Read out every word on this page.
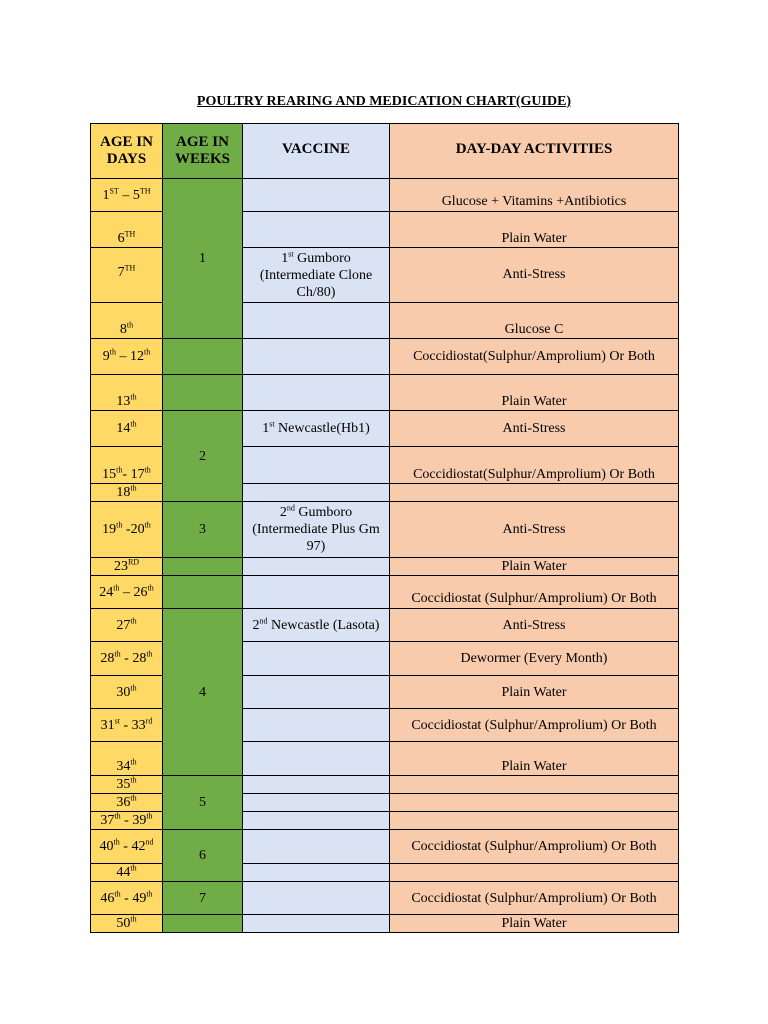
POULTRY REARING AND MEDICATION CHART(GUIDE)
AGE IN DAYS	AGE IN WEEKS	VACCINE	DAY-DAY ACTIVITIES
1ST – 5TH	1		Glucose + Vitamins +Antibiotics
6TH			Plain Water
7TH		1st Gumboro (Intermediate Clone Ch/80)	Anti-Stress
8th			Glucose C
9th – 12th			Coccidiostat(Sulphur/Amprolium) Or Both
13th			Plain Water
14th	2	1st Newcastle(Hb1)	Anti-Stress
15th- 17th			Coccidiostat(Sulphur/Amprolium) Or Both
18th		
19th -20th	3	2nd Gumboro (Intermediate Plus Gm 97)	Anti-Stress
23RD			Plain Water
24th – 26th			Coccidiostat (Sulphur/Amprolium) Or Both
27th	4	2nd Newcastle (Lasota)	Anti-Stress
28th - 28th			Dewormer (Every Month)
30th			Plain Water
31st - 33rd			Coccidiostat (Sulphur/Amprolium) Or Both
34th			Plain Water
35th	5		
36th		
37th - 39th		
40th - 42nd	6		Coccidiostat (Sulphur/Amprolium) Or Both
44th		
46th - 49th	7		Coccidiostat (Sulphur/Amprolium) Or Both
50th			Plain Water
